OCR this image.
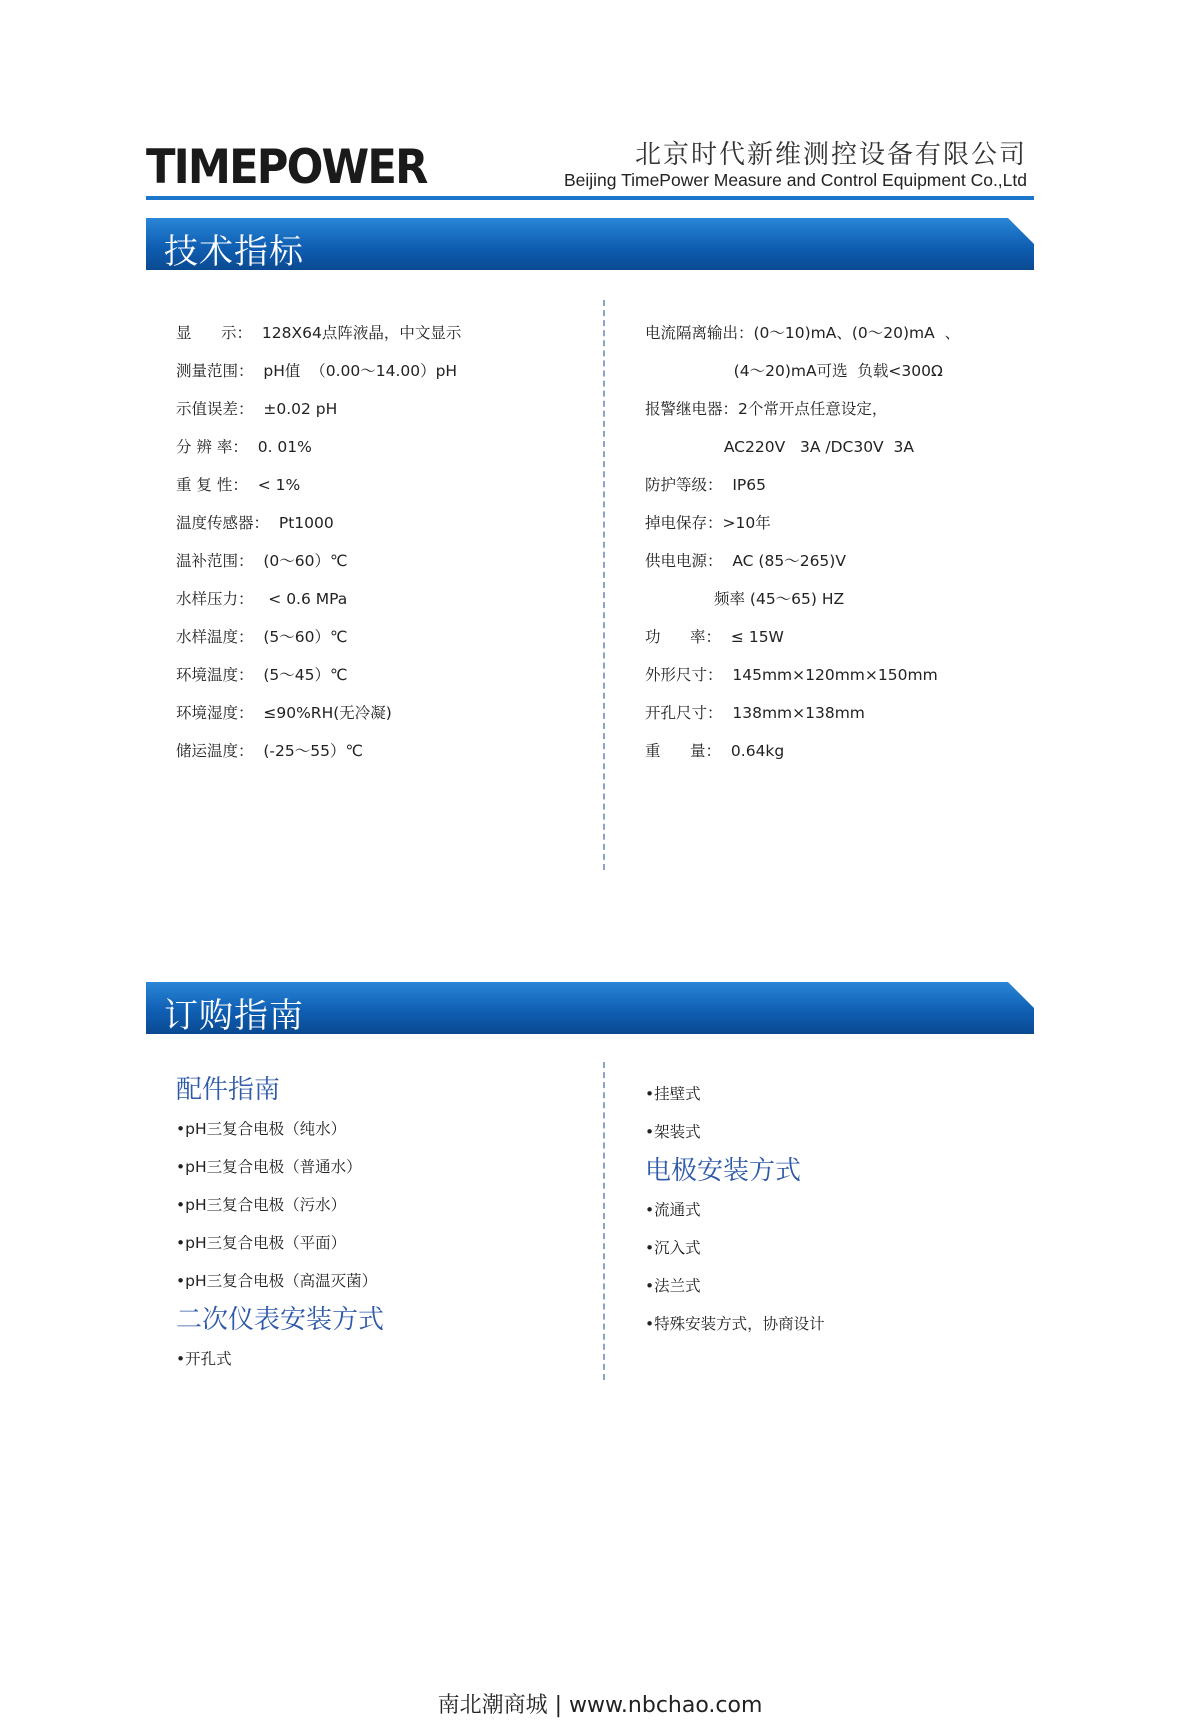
TIMEPOWER	北京时代新维测控设备有限公司
Beijing TimePower Measure and Control Equipment Co.,Ltd
技术指标
显      示：  128X64点阵液晶，中文显示
测量范围：  pH值  （0.00～14.00）pH
示值误差：  ±0.02 pH
分 辨 率：  0. 01%
重 复 性：  < 1%
温度传感器：  Pt1000
温补范围：  (0～60）℃
水样压力：   < 0.6 MPa
水样温度：  (5～60）℃
环境温度：  (5～45）℃
环境湿度：  ≤90%RH(无冷凝)
储运温度：  (-25～55）℃
电流隔离输出：(0～10)mA、(0～20)mA  、
(4～20)mA可选  负载<300Ω
报警继电器：2个常开点任意设定，
AC220V   3A /DC30V  3A
防护等级：  IP65
掉电保存：>10年
供电电源：  AC (85～265)V
频率 (45～65) HZ
功      率：  ≤ 15W
外形尺寸：  145mm×120mm×150mm
开孔尺寸：  138mm×138mm
重      量：  0.64kg
订购指南
配件指南
•pH三复合电极（纯水）
•pH三复合电极（普通水）
•pH三复合电极（污水）
•pH三复合电极（平面）
•pH三复合电极（高温灭菌）
二次仪表安装方式
•开孔式
•挂壁式
•架装式
电极安装方式
•流通式
•沉入式
•法兰式
•特殊安装方式，协商设计
南北潮商城 | www.nbchao.com
